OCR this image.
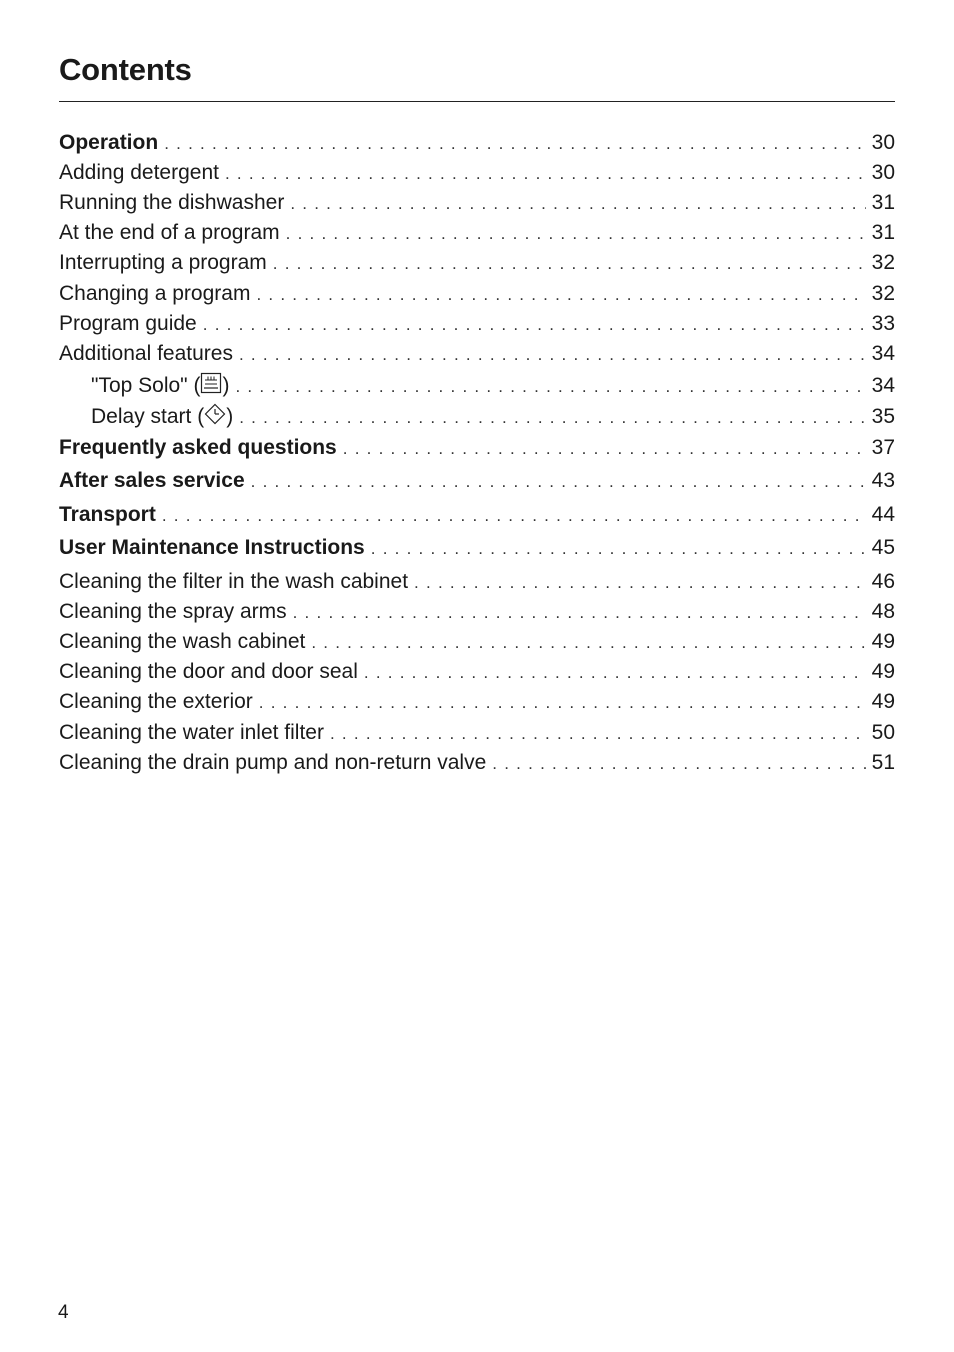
Contents
Operation . . .	30
Adding detergent . . .	30
Running the dishwasher . . .	31
At the end of a program . . .	31
Interrupting a program . . .	32
Changing a program . . .	32
Program guide . . .	33
Additional features . . .	34
"Top Solo" ( ) . . .	34
Delay start ( ) . . .	35
Frequently asked questions . . .	37
After sales service . . .	43
Transport . . .	44
User Maintenance Instructions . . .	45
Cleaning the filter in the wash cabinet . . .	46
Cleaning the spray arms . . .	48
Cleaning the wash cabinet . . .	49
Cleaning the door and door seal . . .	49
Cleaning the exterior . . .	49
Cleaning the water inlet filter . . .	50
Cleaning the drain pump and non-return valve . . .	51
4
